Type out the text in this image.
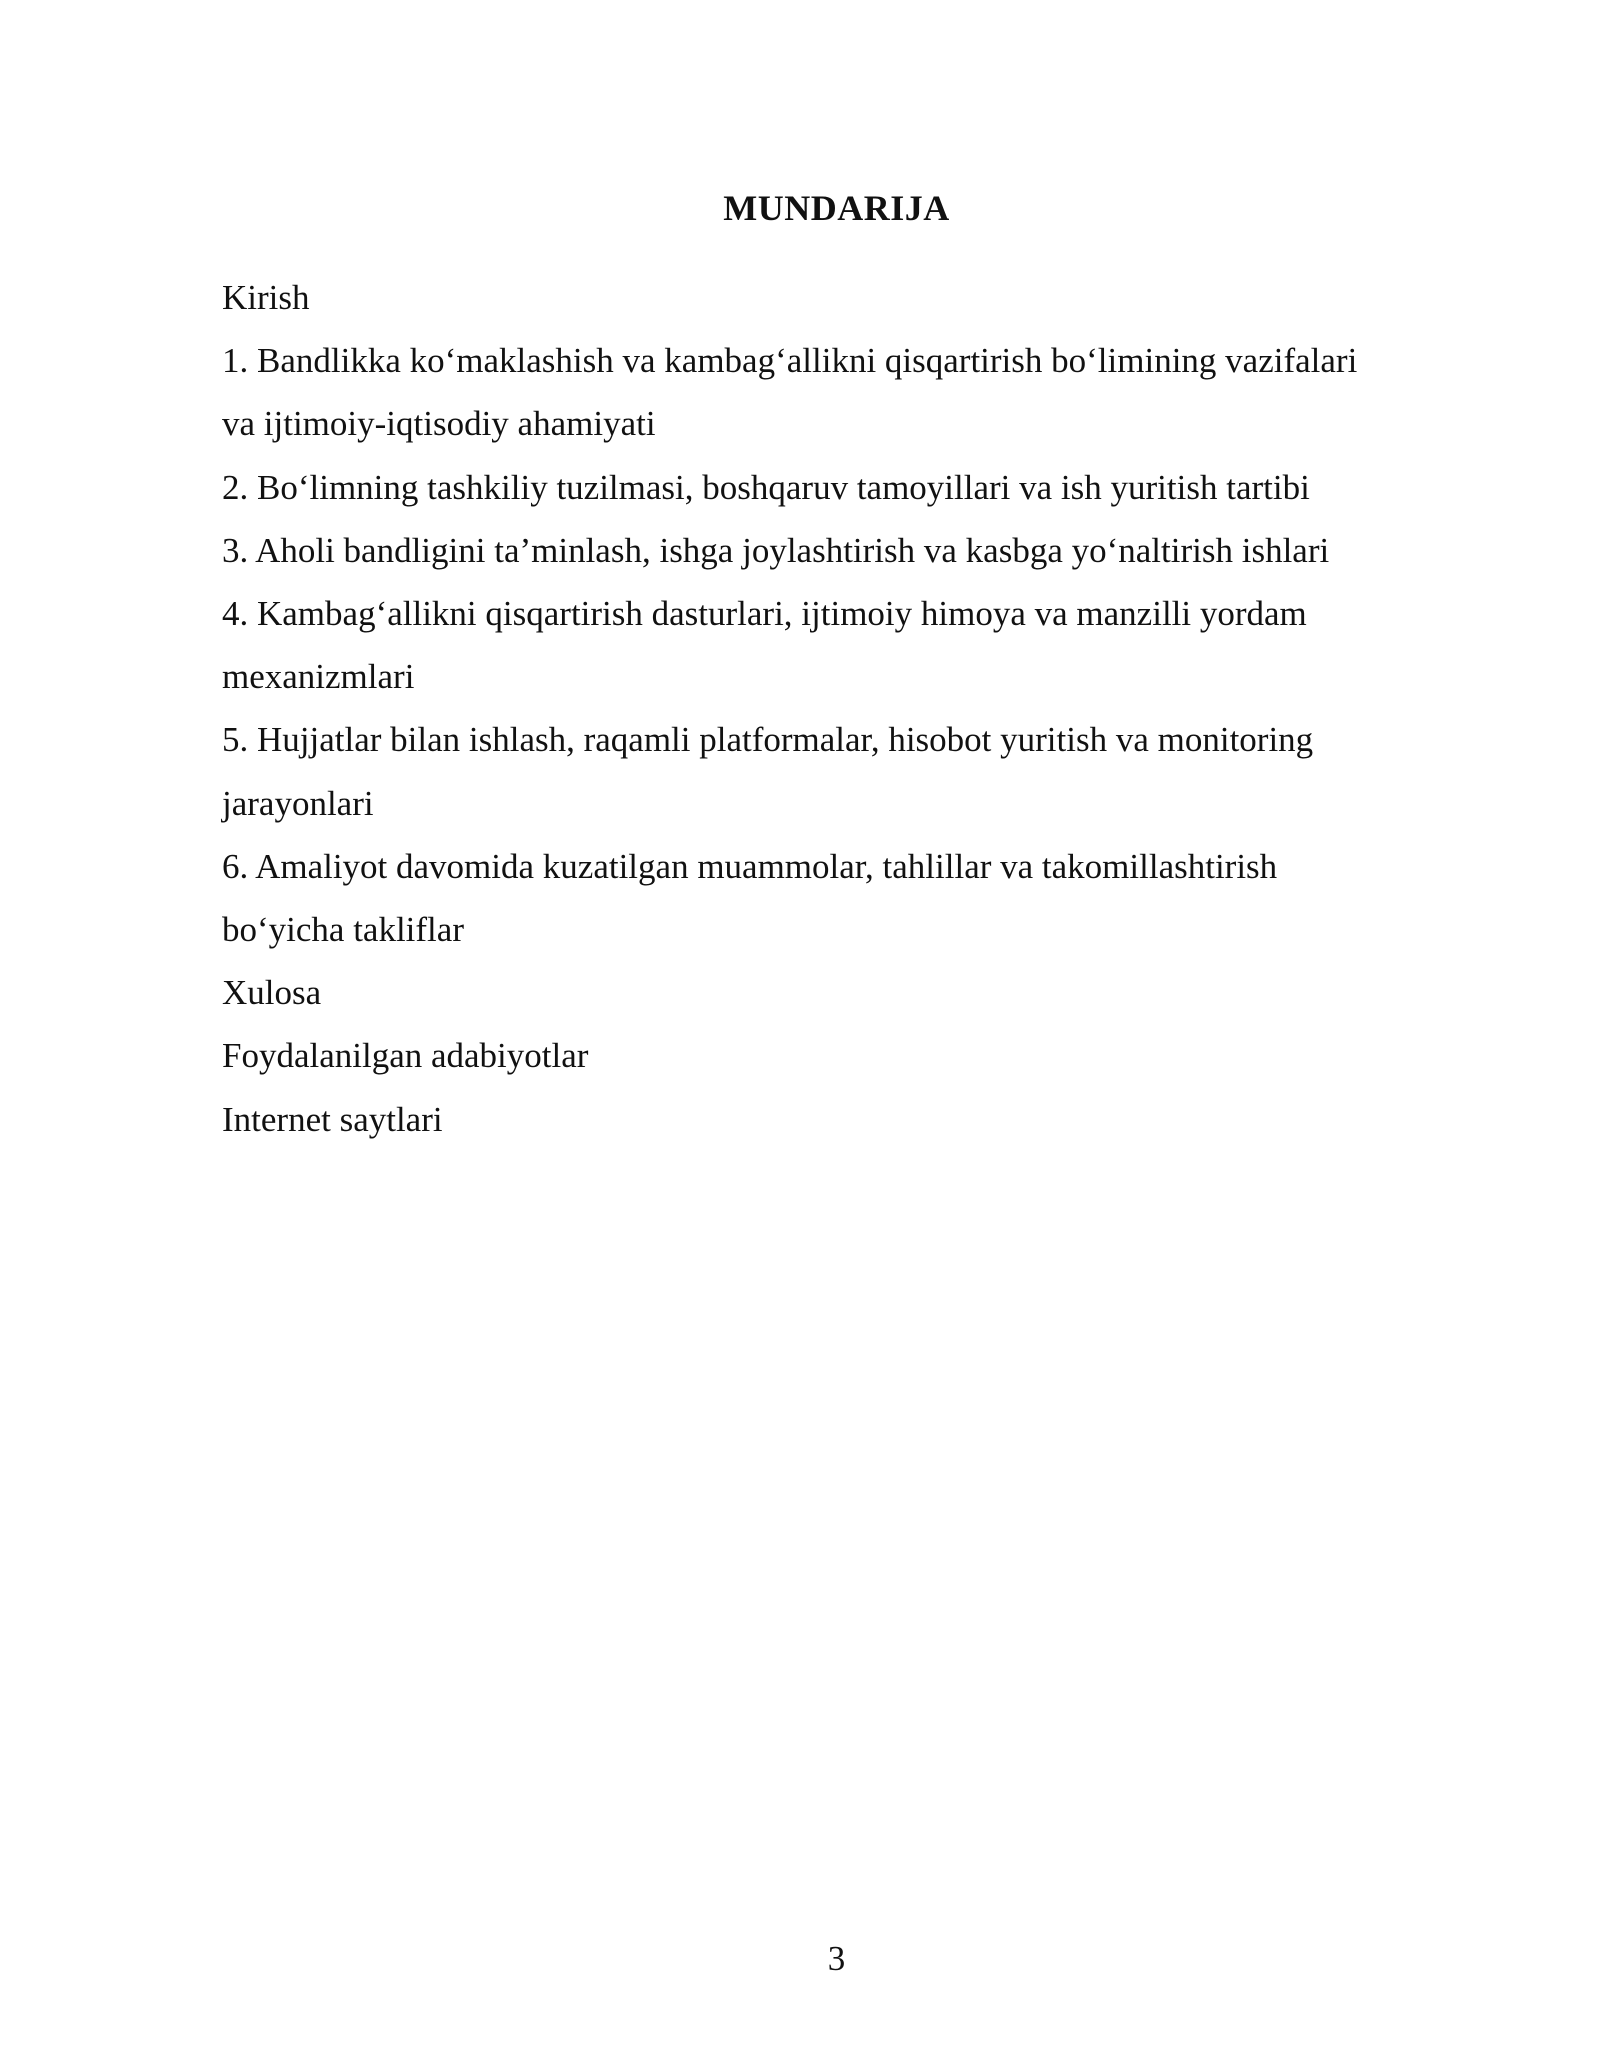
MUNDARIJA
Kirish
1. Bandlikka ko‘maklashish va kambag‘allikni qisqartirish bo‘limining vazifalari
va ijtimoiy-iqtisodiy ahamiyati
2. Bo‘limning tashkiliy tuzilmasi, boshqaruv tamoyillari va ish yuritish tartibi
3. Aholi bandligini ta’minlash, ishga joylashtirish va kasbga yo‘naltirish ishlari
4. Kambag‘allikni qisqartirish dasturlari, ijtimoiy himoya va manzilli yordam
mexanizmlari
5. Hujjatlar bilan ishlash, raqamli platformalar, hisobot yuritish va monitoring
jarayonlari
6. Amaliyot davomida kuzatilgan muammolar, tahlillar va takomillashtirish
bo‘yicha takliflar
Xulosa
Foydalanilgan adabiyotlar
Internet saytlari
3
